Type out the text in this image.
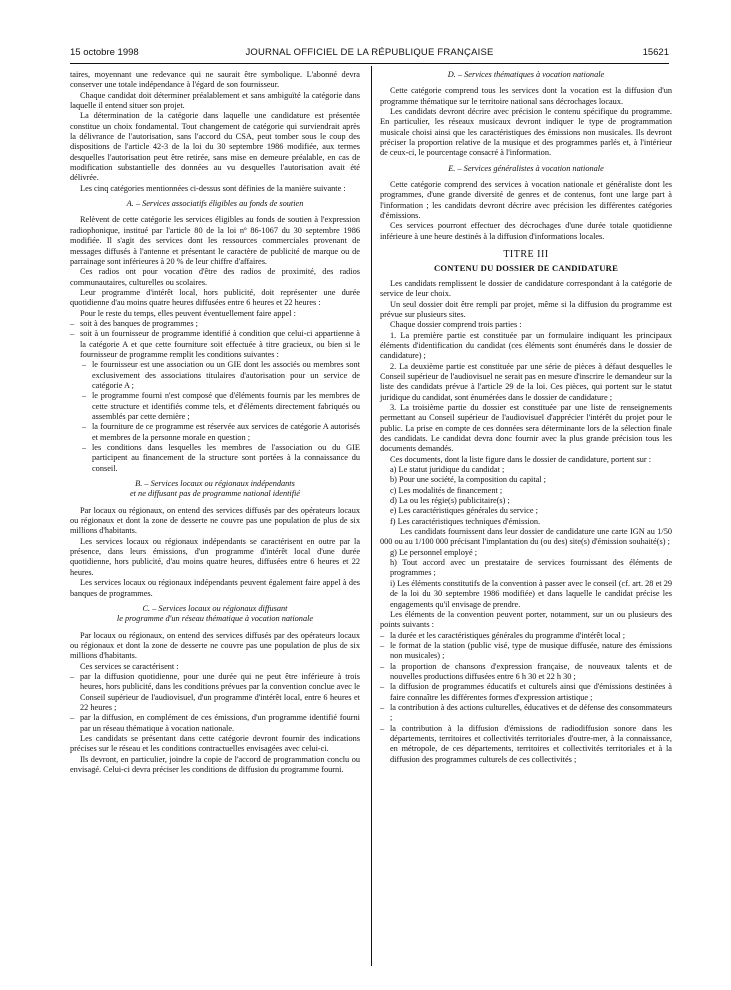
15 octobre 1998	JOURNAL OFFICIEL DE LA RÉPUBLIQUE FRANÇAISE	15621

taires, moyennant une redevance qui ne saurait être symbolique. L'abonné devra conserver une totale indépendance à l'égard de son fournisseur.

Chaque candidat doit déterminer préalablement et sans ambiguïté la catégorie dans laquelle il entend situer son projet.

La détermination de la catégorie dans laquelle une candidature est présentée constitue un choix fondamental. Tout changement de catégorie qui surviendrait après la délivrance de l'autorisation, sans l'accord du CSA, peut tomber sous le coup des dispositions de l'article 42-3 de la loi du 30 septembre 1986 modifiée, aux termes desquelles l'autorisation peut être retirée, sans mise en demeure préalable, en cas de modification substantielle des données au vu desquelles l'autorisation avait été délivrée.

Les cinq catégories mentionnées ci-dessus sont définies de la manière suivante :

A. – Services associatifs éligibles au fonds de soutien

Relèvent de cette catégorie les services éligibles au fonds de soutien à l'expression radiophonique, institué par l'article 80 de la loi nº 86-1067 du 30 septembre 1986 modifiée. Il s'agit des services dont les ressources commerciales provenant de messages diffusés à l'antenne et présentant le caractère de publicité de marque ou de parrainage sont inférieures à 20 % de leur chiffre d'affaires.

Ces radios ont pour vocation d'être des radios de proximité, des radios communautaires, culturelles ou scolaires.

Leur programme d'intérêt local, hors publicité, doit représenter une durée quotidienne d'au moins quatre heures diffusées entre 6 heures et 22 heures :

Pour le reste du temps, elles peuvent éventuellement faire appel :

– soit à des banques de programmes ;
– soit à un fournisseur de programme identifié à condition que celui-ci appartienne à la catégorie A et que cette fourniture soit effectuée à titre gracieux, ou bien si le fournisseur de programme remplit les conditions suivantes :
– le fournisseur est une association ou un GIE dont les associés ou membres sont exclusivement des associations titulaires d'autorisation pour un service de catégorie A ;
– le programme fourni n'est composé que d'éléments fournis par les membres de cette structure et identifiés comme tels, et d'éléments directement fabriqués ou assemblés par cette dernière ;
– la fourniture de ce programme est réservée aux services de catégorie A autorisés et membres de la personne morale en question ;
– les conditions dans lesquelles les membres de l'association ou du GIE participent au financement de la structure sont portées à la connaissance du conseil.
B. – Services locaux ou régionaux indépendants
et ne diffusant pas de programme national identifié

Par locaux ou régionaux, on entend des services diffusés par des opérateurs locaux ou régionaux et dont la zone de desserte ne couvre pas une population de plus de six millions d'habitants.

Les services locaux ou régionaux indépendants se caractérisent en outre par la présence, dans leurs émissions, d'un programme d'intérêt local d'une durée quotidienne, hors publicité, d'au moins quatre heures, diffusées entre 6 heures et 22 heures.

Les services locaux ou régionaux indépendants peuvent également faire appel à des banques de programmes.

C. – Services locaux ou régionaux diffusant
le programme d'un réseau thématique à vocation nationale

Par locaux ou régionaux, on entend des services diffusés par des opérateurs locaux ou régionaux et dont la zone de desserte ne couvre pas une population de plus de six millions d'habitants.

Ces services se caractérisent :

– par la diffusion quotidienne, pour une durée qui ne peut être inférieure à trois heures, hors publicité, dans les conditions prévues par la convention conclue avec le Conseil supérieur de l'audiovisuel, d'un programme d'intérêt local, entre 6 heures et 22 heures ;
– par la diffusion, en complément de ces émissions, d'un programme identifié fourni par un réseau thématique à vocation nationale.

Les candidats se présentant dans cette catégorie devront fournir des indications précises sur le réseau et les conditions contractuelles envisagées avec celui-ci.

Ils devront, en particulier, joindre la copie de l'accord de programmation conclu ou envisagé. Celui-ci devra préciser les conditions de diffusion du programme fourni.

D. – Services thématiques à vocation nationale

Cette catégorie comprend tous les services dont la vocation est la diffusion d'un programme thématique sur le territoire national sans décrochages locaux.

Les candidats devront décrire avec précision le contenu spécifique du programme. En particulier, les réseaux musicaux devront indiquer le type de programmation musicale choisi ainsi que les caractéristiques des émissions non musicales. Ils devront préciser la proportion relative de la musique et des programmes parlés et, à l'intérieur de ceux-ci, le pourcentage consacré à l'information.

E. – Services généralistes à vocation nationale

Cette catégorie comprend des services à vocation nationale et généraliste dont les programmes, d'une grande diversité de genres et de contenus, font une large part à l'information ; les candidats devront décrire avec précision les différentes catégories d'émissions.

Ces services pourront effectuer des décrochages d'une durée totale quotidienne inférieure à une heure destinés à la diffusion d'informations locales.

TITRE III
CONTENU DU DOSSIER DE CANDIDATURE

Les candidats remplissent le dossier de candidature correspondant à la catégorie de service de leur choix.

Un seul dossier doit être rempli par projet, même si la diffusion du programme est prévue sur plusieurs sites.

Chaque dossier comprend trois parties :

1. La première partie est constituée par un formulaire indiquant les principaux éléments d'identification du candidat (ces éléments sont énumérés dans le dossier de candidature) ;

2. La deuxième partie est constituée par une série de pièces à défaut desquelles le Conseil supérieur de l'audiovisuel ne serait pas en mesure d'inscrire le demandeur sur la liste des candidats prévue à l'article 29 de la loi. Ces pièces, qui portent sur le statut juridique du candidat, sont énumérées dans le dossier de candidature ;

3. La troisième partie du dossier est constituée par une liste de renseignements permettant au Conseil supérieur de l'audiovisuel d'apprécier l'intérêt du projet pour le public. La prise en compte de ces données sera déterminante lors de la sélection finale des candidats. Le candidat devra donc fournir avec la plus grande précision tous les documents demandés.

Ces documents, dont la liste figure dans le dossier de candidature, portent sur :

a) Le statut juridique du candidat ;
b) Pour une société, la composition du capital ;
c) Les modalités de financement ;
d) La ou les régie(s) publicitaire(s) ;
e) Les caractéristiques générales du service ;
f) Les caractéristiques techniques d'émission.

Les candidats fournissent dans leur dossier de candidature une carte IGN au 1/50 000 ou au 1/100 000 précisant l'implantation du (ou des) site(s) d'émission souhaité(s) ;

g) Le personnel employé ;
h) Tout accord avec un prestataire de services fournissant des éléments de programmes ;
i) Les éléments constitutifs de la convention à passer avec le conseil (cf. art. 28 et 29 de la loi du 30 septembre 1986 modifiée) et dans laquelle le candidat précise les engagements qu'il envisage de prendre.

Les éléments de la convention peuvent porter, notamment, sur un ou plusieurs des points suivants :

– la durée et les caractéristiques générales du programme d'intérêt local ;
– le format de la station (public visé, type de musique diffusée, nature des émissions non musicales) ;
– la proportion de chansons d'expression française, de nouveaux talents et de nouvelles productions diffusées entre 6 h 30 et 22 h 30 ;
– la diffusion de programmes éducatifs et culturels ainsi que d'émissions destinées à faire connaître les différentes formes d'expression artistique ;
– la contribution à des actions culturelles, éducatives et de défense des consommateurs ;
– la contribution à la diffusion d'émissions de radiodiffusion sonore dans les départements, territoires et collectivités territoriales d'outre-mer, à la connaissance, en métropole, de ces départements, territoires et collectivités territoriales et à la diffusion des programmes culturels de ces collectivités ;
